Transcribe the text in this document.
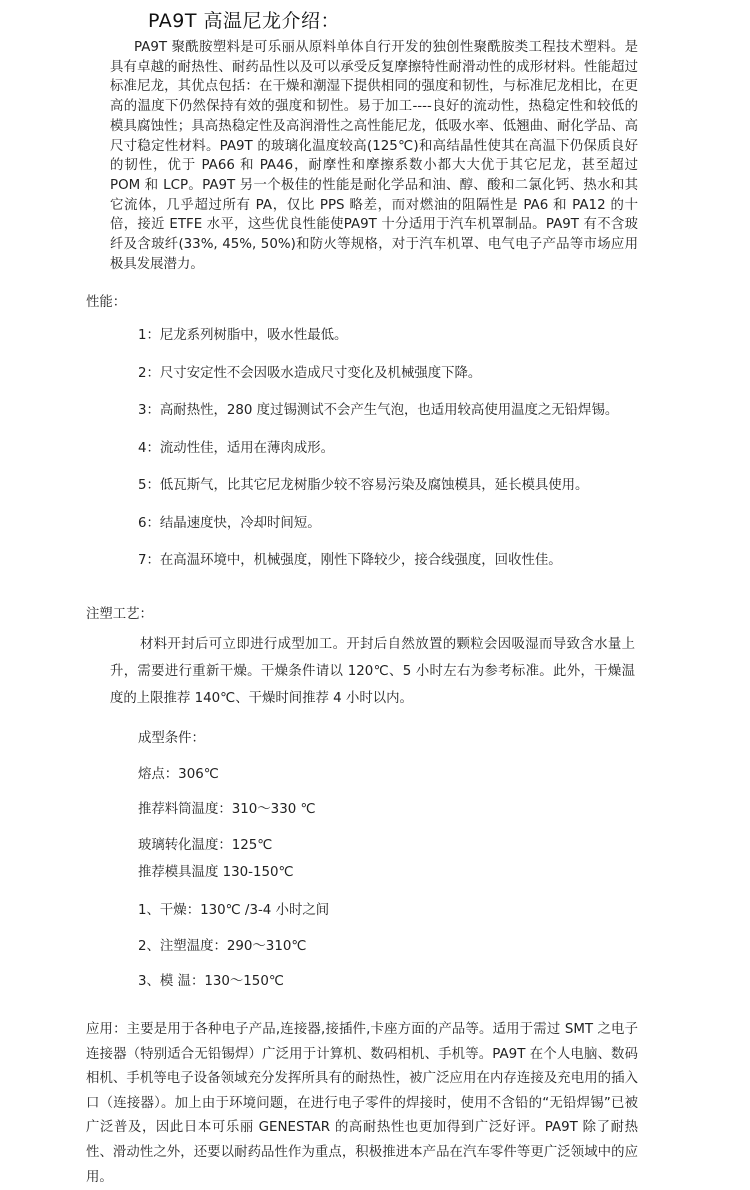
PA9T 高温尼龙介绍：

PA9T 聚酰胺塑料是可乐丽从原料单体自行开发的独创性聚酰胺类工程技术塑料。是具有卓越的耐热性、耐药品性以及可以承受反复摩擦特性耐滑动性的成形材料。性能超过标准尼龙，其优点包括：在干燥和潮湿下提供相同的强度和韧性，与标准尼龙相比，在更高的温度下仍然保持有效的强度和韧性。易于加工----良好的流动性，热稳定性和较低的模具腐蚀性；具高热稳定性及高润滑性之高性能尼龙，低吸水率、低翘曲、耐化学品、高尺寸稳定性材料。PA9T 的玻璃化温度较高(125℃)和高结晶性使其在高温下仍保质良好的韧性，优于 PA66 和 PA46，耐摩性和摩擦系数小都大大优于其它尼龙，甚至超过 POM 和 LCP。PA9T 另一个极佳的性能是耐化学品和油、醇、酸和二氯化钙、热水和其它流体，几乎超过所有 PA，仅比 PPS 略差，而对燃油的阻隔性是 PA6 和 PA12 的十倍，接近 ETFE 水平，这些优良性能使PA9T 十分适用于汽车机罩制品。PA9T 有不含玻纤及含玻纤(33%, 45%, 50%)和防火等规格，对于汽车机罩、电气电子产品等市场应用极具发展潜力。

性能：
1：尼龙系列树脂中，吸水性最低。
2：尺寸安定性不会因吸水造成尺寸变化及机械强度下降。
3：高耐热性，280 度过锡测试不会产生气泡，也适用较高使用温度之无铅焊锡。
4：流动性佳，适用在薄肉成形。
5：低瓦斯气，比其它尼龙树脂少较不容易污染及腐蚀模具，延长模具使用。
6：结晶速度快，冷却时间短。
7：在高温环境中，机械强度，刚性下降较少，接合线强度，回收性佳。
注塑工艺：

材料开封后可立即进行成型加工。开封后自然放置的颗粒会因吸湿而导致含水量上升，需要进行重新干燥。干燥条件请以 120℃、5 小时左右为参考标准。此外，干燥温度的上限推荐 140℃、干燥时间推荐 4 小时以内。

成型条件：
熔点：306℃
推荐料筒温度：310～330 ℃
玻璃转化温度：125℃
推荐模具温度 130-150℃
1、干燥：130℃ /3-4 小时之间
2、注塑温度：290～310℃
3、模 温：130～150℃

应用：主要是用于各种电子产品,连接器,接插件,卡座方面的产品等。适用于需过 SMT 之电子连接器（特别适合无铅锡焊）广泛用于计算机、数码相机、手机等。PA9T 在个人电脑、数码相机、手机等电子设备领域充分发挥所具有的耐热性，被广泛应用在内存连接及充电用的插入口（连接器）。加上由于环境问题，在进行电子零件的焊接时，使用不含铅的“无铅焊锡”已被广泛普及，因此日本可乐丽 GENESTAR 的高耐热性也更加得到广泛好评。PA9T 除了耐热性、滑动性之外，还要以耐药品性作为重点，积极推进本产品在汽车零件等更广泛领域中的应用。
